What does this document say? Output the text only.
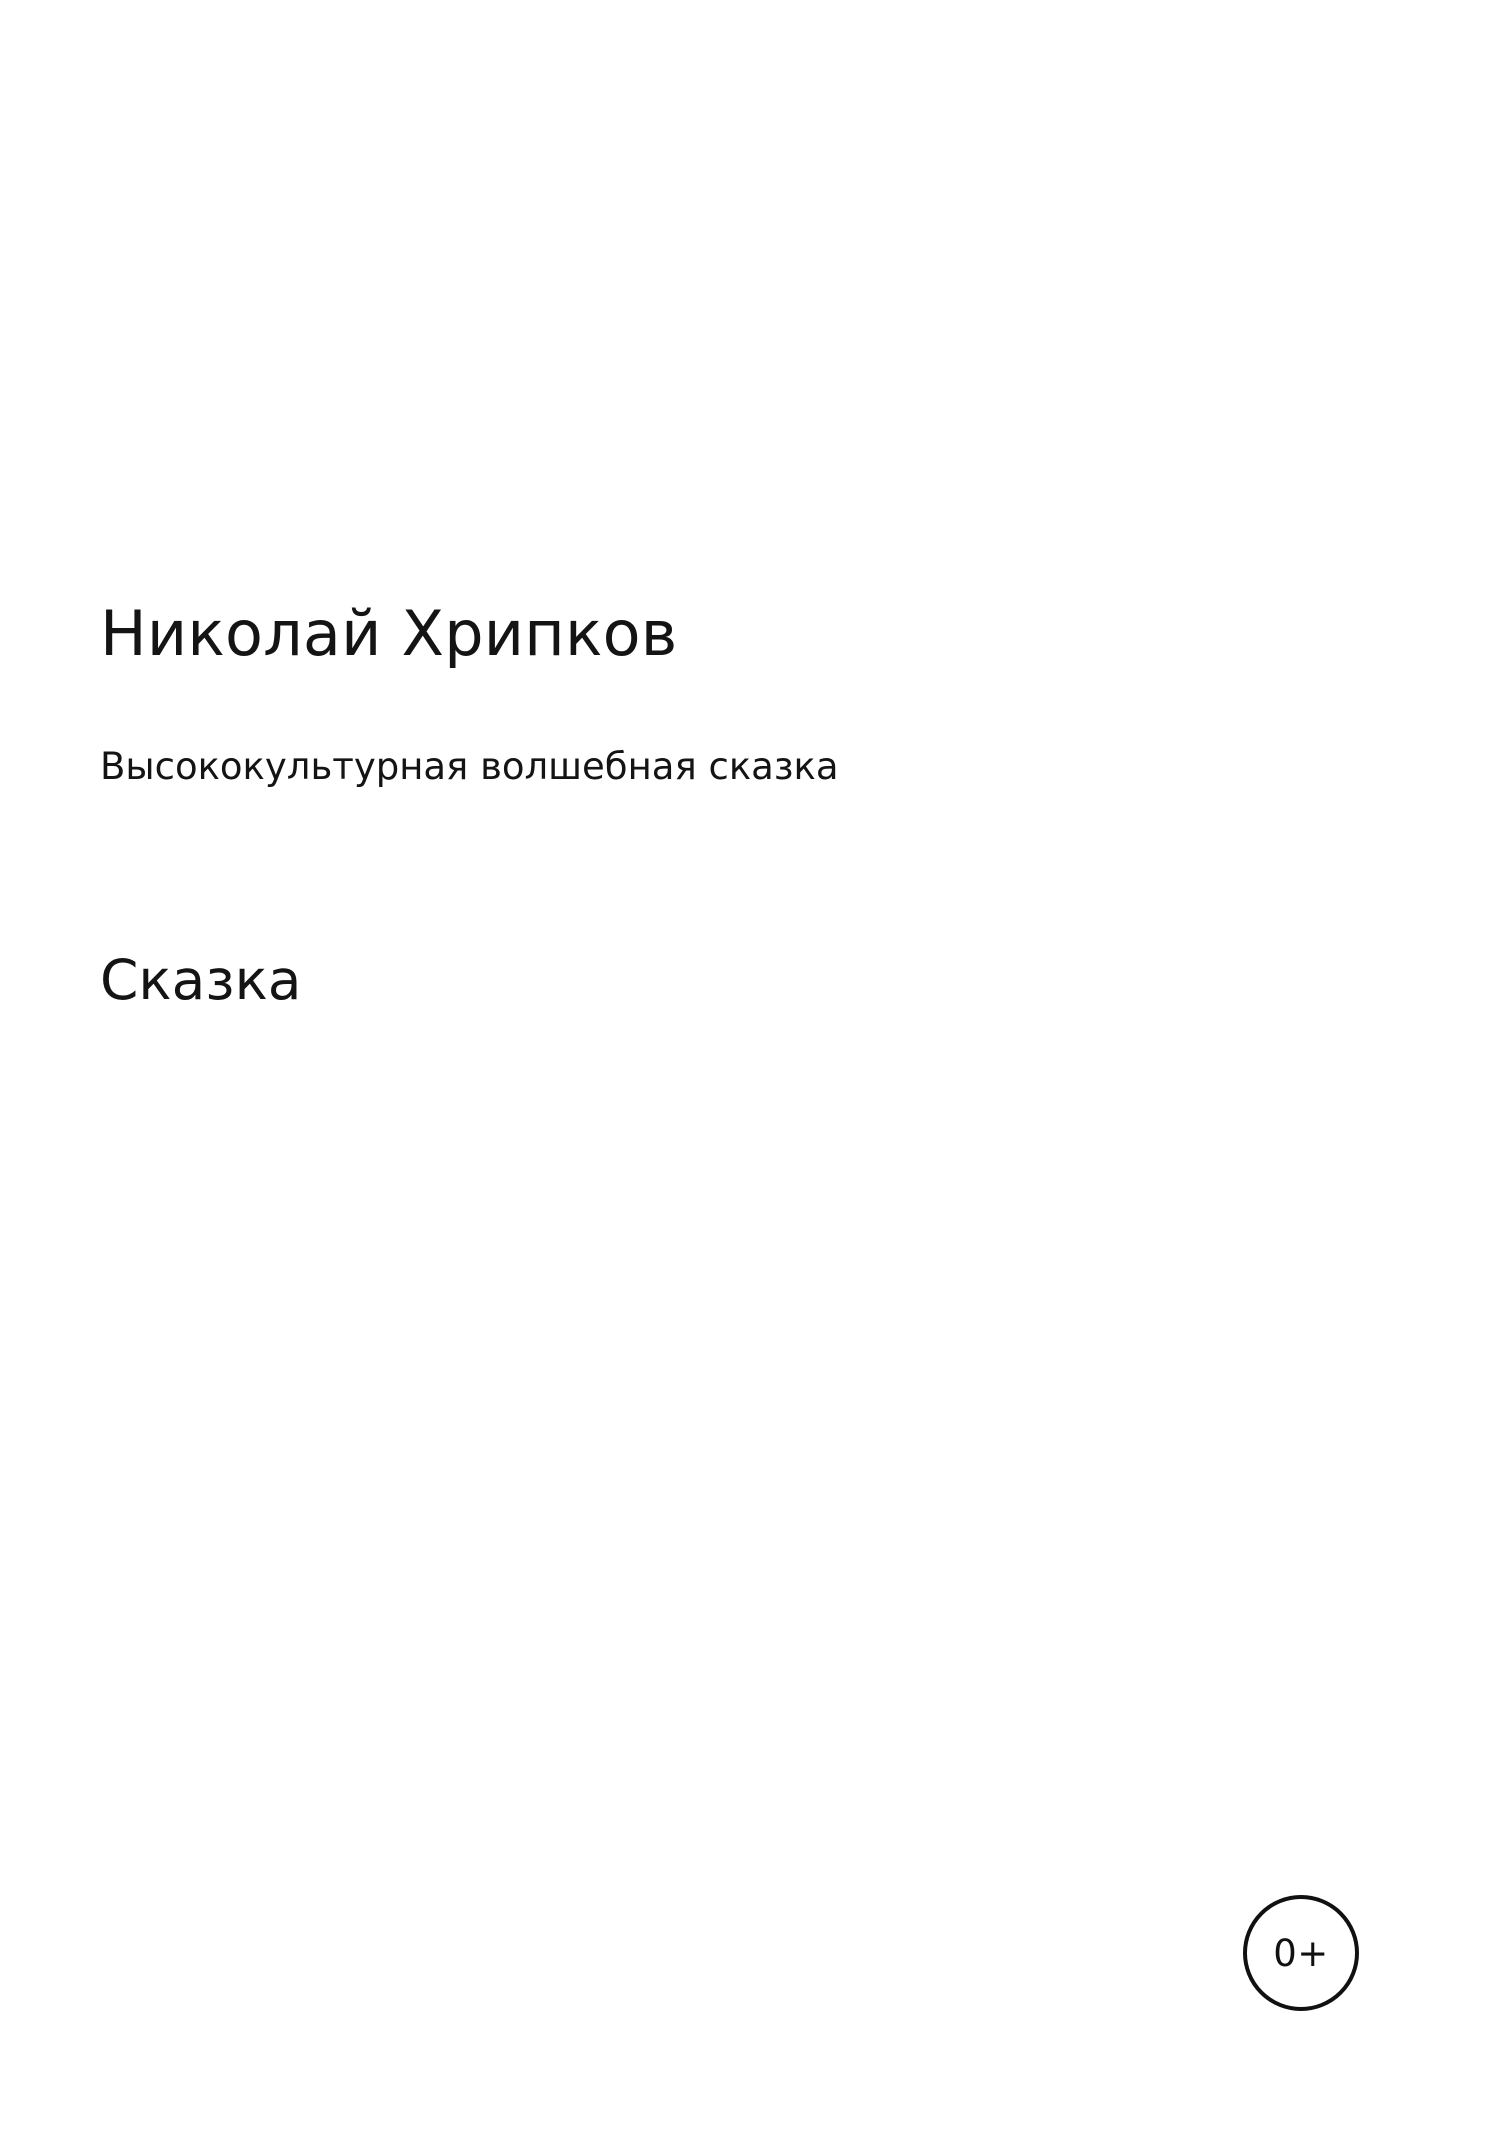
Николай Хрипков

Высококультурная волшебная сказка

Сказка

0+
